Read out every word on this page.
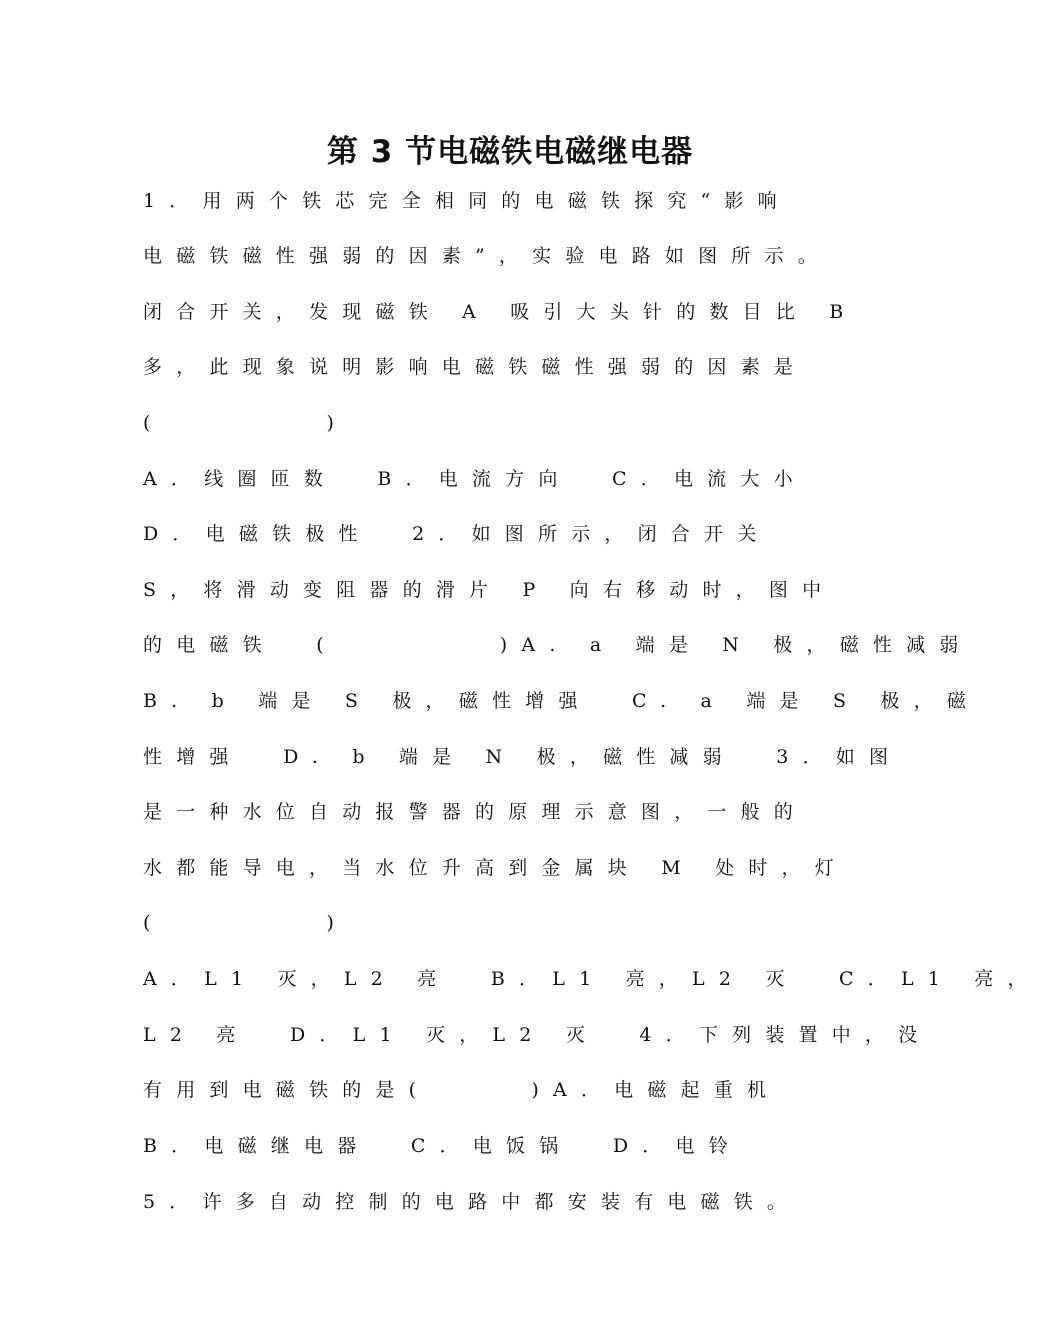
第 3 节电磁铁电磁继电器
1．用两个铁芯完全相同的电磁铁探究“影响
电磁铁磁性强弱的因素”，实验电路如图所示。
闭合开关，发现磁铁 A 吸引大头针的数目比 B
多，此现象说明影响电磁铁磁性强弱的因素是
(        )
A．线圈匝数  B．电流方向  C．电流大小
D．电磁铁极性  2．如图所示，闭合开关
S，将滑动变阻器的滑片 P 向右移动时，图中
的电磁铁  (        )A. a 端是 N 极，磁性减弱
B. b 端是 S 极，磁性增强  C. a 端是 S 极，磁
性增强  D. b 端是 N 极，磁性减弱  3．如图
是一种水位自动报警器的原理示意图，一般的
水都能导电，当水位升高到金属块 M 处时，灯
(        )
A．L1 灭，L2 亮  B．L1 亮，L2 灭  C．L1 亮，
L2 亮  D．L1 灭，L2 灭  4．下列装置中，没
有用到电磁铁的是(     )A．电磁起重机
B．电磁继电器  C．电饭锅  D．电铃
5．许多自动控制的电路中都安装有电磁铁。
